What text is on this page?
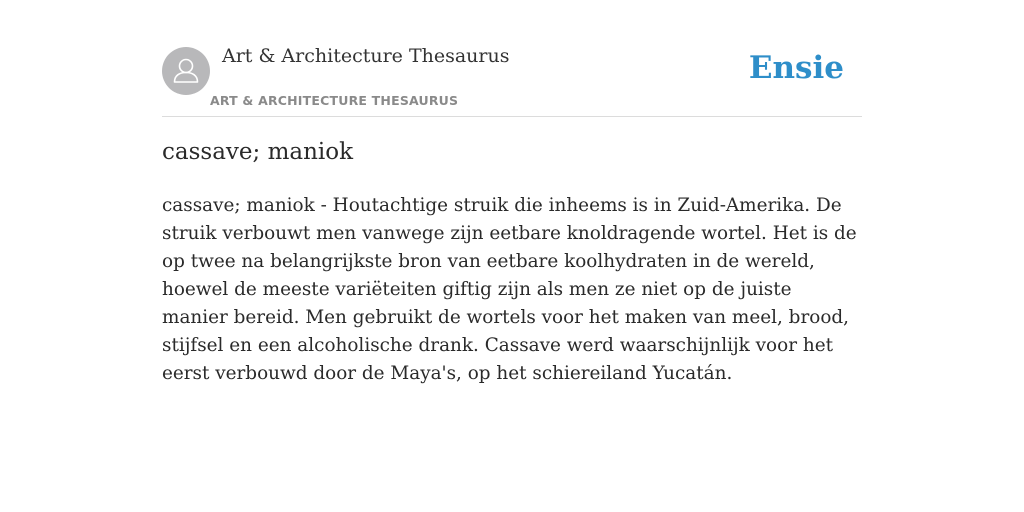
Art & Architecture Thesaurus
ART & ARCHITECTURE THESAURUS
Ensie
cassave; maniok

cassave; maniok - Houtachtige struik die inheems is in Zuid-Amerika. De struik verbouwt men vanwege zijn eetbare knoldragende wortel. Het is de op twee na belangrijkste bron van eetbare koolhydraten in de wereld, hoewel de meeste variëteiten giftig zijn als men ze niet op de juiste manier bereid. Men gebruikt de wortels voor het maken van meel, brood, stijfsel en een alcoholische drank. Cassave werd waarschijnlijk voor het eerst verbouwd door de Maya's, op het schiereiland Yucatán.
